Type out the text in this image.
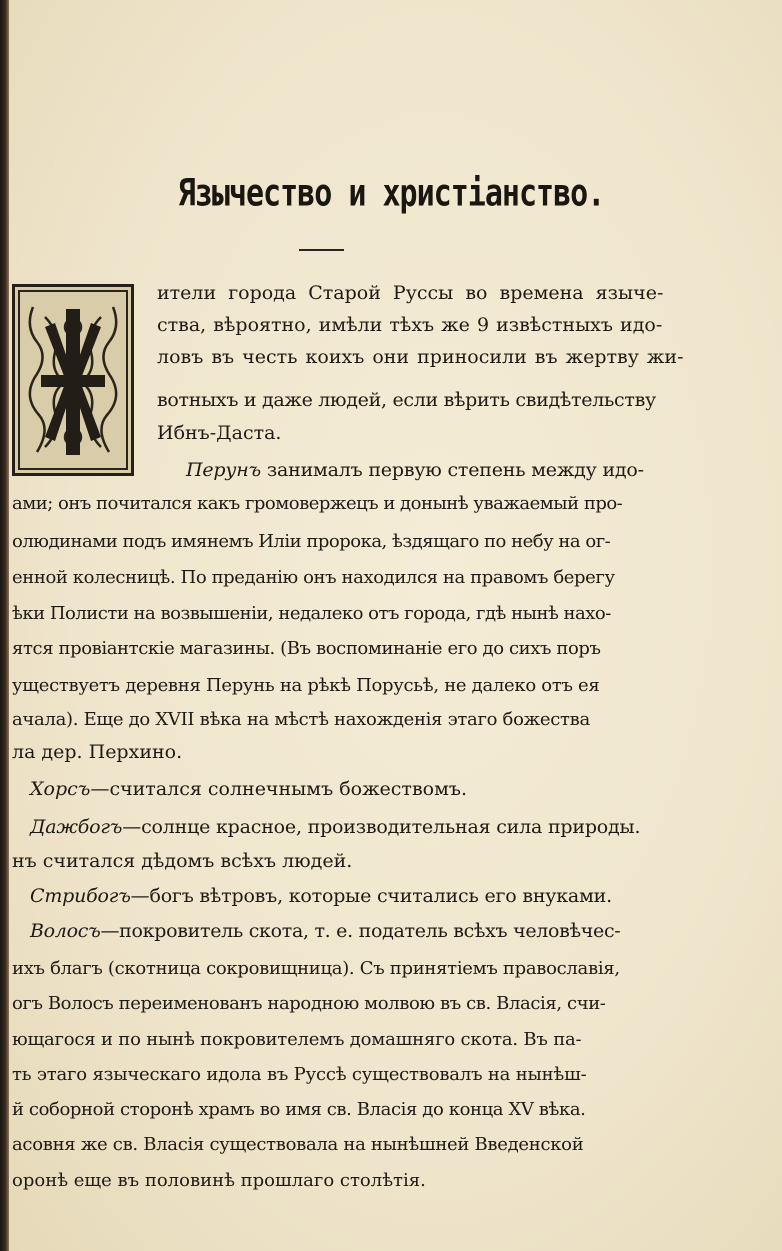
Язычество и христіанство.
ители города Старой Руссы во времена язычe-
ства, вѣроятно, имѣли тѣхъ же 9 извѣстныхъ идо-
ловъ въ честь коихъ они приносили въ жертву жи-
вотныхъ и даже людей, если вѣрить свидѣтельству
Ибнъ-Даста.
Перунъ занималъ первую степень между идо-
ами; онъ почитался какъ громовержецъ и донынѣ уважаемый про-
олюдинами подъ имянемъ Иліи пророка, ѣздящаго по небу на ог-
енной колесницѣ. По преданію онъ находился на правомъ берегу
ѣки Полисти на возвышеніи, недалеко отъ города, гдѣ нынѣ нахо-
ятся провіантскіе магазины. (Въ воспоминаніе его до сихъ поръ
уществуетъ деревня Перунь на рѣкѣ Порусьѣ, не далеко отъ ея
ачала). Еще до XVII вѣка на мѣстѣ нахожденія этаго божества
ла дер. Перхино.
Хорсъ—считался солнечнымъ божествомъ.
Дажбогъ—солнце красное, производительная сила природы.
нъ считался дѣдомъ всѣхъ людей.
Стрибогъ—богъ вѣтровъ, которые считались его внуками.
Волосъ—покровитель скота, т. е. податель всѣхъ человѣчес-
ихъ благъ (скотница сокровищница). Съ принятіемъ православія,
огъ Волосъ переименованъ народною молвою въ св. Власія, счи-
ющагося и по нынѣ покровителемъ домашняго скота. Въ па-
ть этаго языческаго идола въ Руссѣ существовалъ на нынѣш-
й соборной сторонѣ храмъ во имя св. Власія до конца XV вѣка.
асовня же св. Власія существовала на нынѣшней Введенской
оронѣ еще въ половинѣ прошлаго столѣтія.
